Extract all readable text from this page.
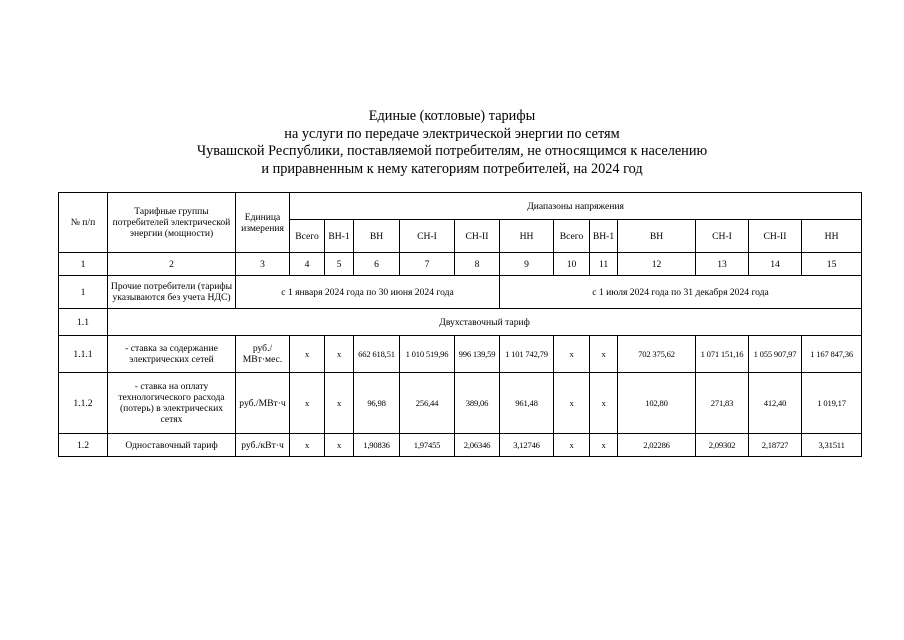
Единые (котловые) тарифы
на услуги по передаче электрической энергии по сетям
Чувашской Республики, поставляемой потребителям, не относящимся к населению
и приравненным к нему категориям потребителей, на 2024 год
№ п/п	Тарифные группы потребителей электрической энергии (мощности)	Единица измерения	Диапазоны напряжения											
			Всего	ВН-1	ВН	СН-I	СН-II	НН	Всего	ВН-1	ВН	СН-I	СН-II	НН
1	2	3	4	5	6	7	8	9	10	11	12	13	14	15
1	Прочие потребители (тарифы указываются без учета НДС)	с 1 января 2024 года по 30 июня 2024 года						с 1 июля 2024 года по 31 декабря 2024 года						
1.1	Двухставочный тариф													
1.1.1	- ставка за содержание электрических сетей	руб./МВт·мес.	x	x	662 618,51	1 010 519,96	996 139,59	1 101 742,79	x	x	702 375,62	1 071 151,16	1 055 907,97	1 167 847,36
1.1.2	- ставка на оплату технологического расхода (потерь) в электрических сетях	руб./МВт·ч	x	x	96,98	256,44	389,06	961,48	x	x	102,80	271,83	412,40	1 019,17
1.2	Одноставочный тариф	руб./кВт·ч	x	x	1,90836	1,97455	2,06346	3,12746	x	x	2,02286	2,09302	2,18727	3,31511
